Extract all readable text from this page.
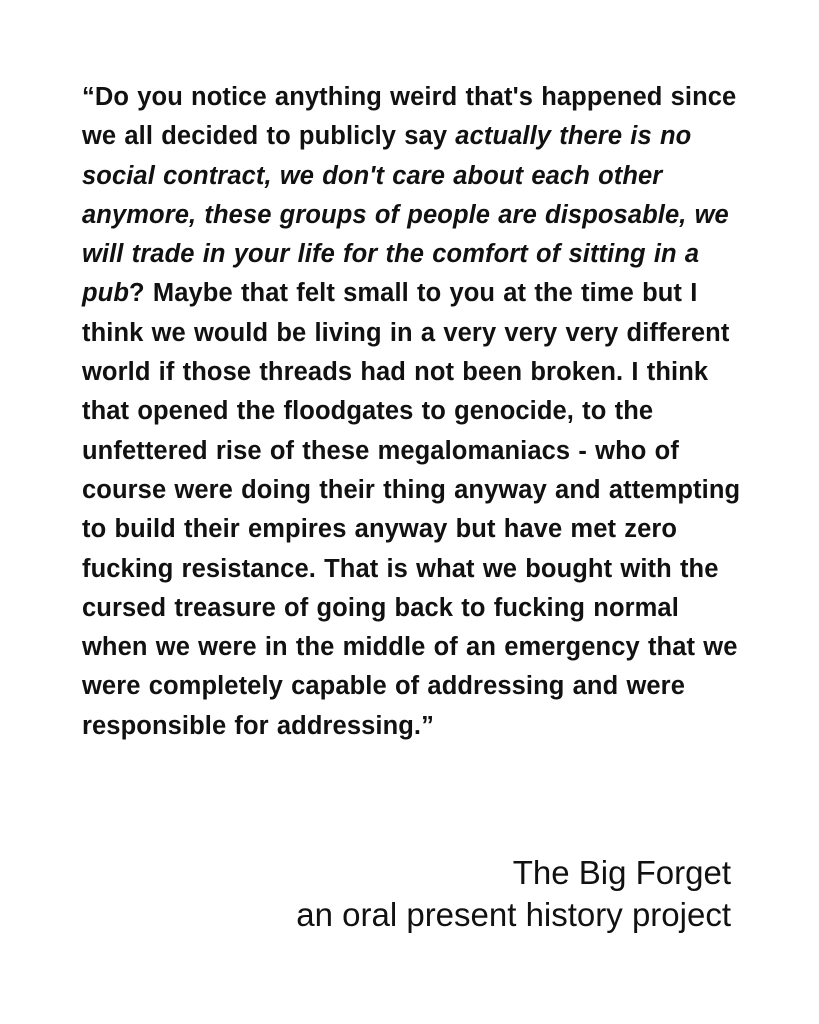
“Do you notice anything weird that's happened since we all decided to publicly say actually there is no social contract, we don't care about each other anymore, these groups of people are disposable, we will trade in your life for the comfort of sitting in a pub? Maybe that felt small to you at the time but I think we would be living in a very very very different world if those threads had not been broken. I think that opened the floodgates to genocide, to the unfettered rise of these megalomaniacs - who of course were doing their thing anyway and attempting to build their empires anyway but have met zero fucking resistance. That is what we bought with the cursed treasure of going back to fucking normal when we were in the middle of an emergency that we were completely capable of addressing and were responsible for addressing.”

The Big Forget
an oral present history project
